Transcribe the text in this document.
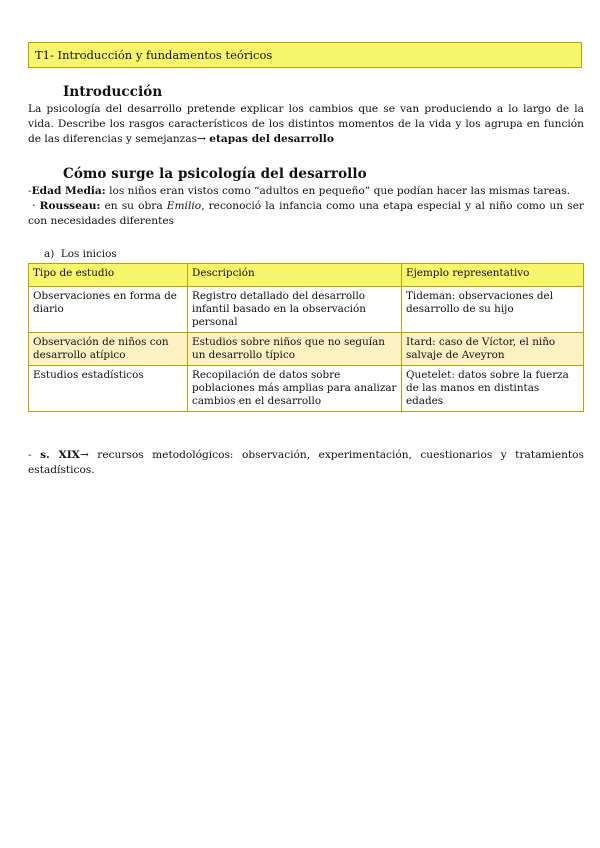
T1- Introducción y fundamentos teóricos
Introducción

La psicología del desarrollo pretende explicar los cambios que se van produciendo a lo largo de la vida. Describe los rasgos característicos de los distintos momentos de la vida y los agrupa en función de las diferencias y semejanzas→ etapas del desarrollo

Cómo surge la psicología del desarrollo

-Edad Media: los niños eran vistos como “adultos en pequeño” que podían hacer las mismas tareas.

· Rousseau: en su obra Emilio, reconoció la infancia como una etapa especial y al niño como un ser con necesidades diferentes

a)  Los inicios
Tipo de estudio	Descripción	Ejemplo representativo
Observaciones en forma de diario	Registro detallado del desarrollo infantil basado en la observación personal	Tideman: observaciones del desarrollo de su hijo
Observación de niños con desarrollo atípico	Estudios sobre niños que no seguían un desarrollo típico	Itard: caso de Víctor, el niño salvaje de Aveyron
Estudios estadísticos	Recopilación de datos sobre poblaciones más amplias para analizar cambios en el desarrollo	Quetelet: datos sobre la fuerza de las manos en distintas edades

- s. XIX→ recursos metodológicos: observación, experimentación, cuestionarios y tratamientos estadísticos.
